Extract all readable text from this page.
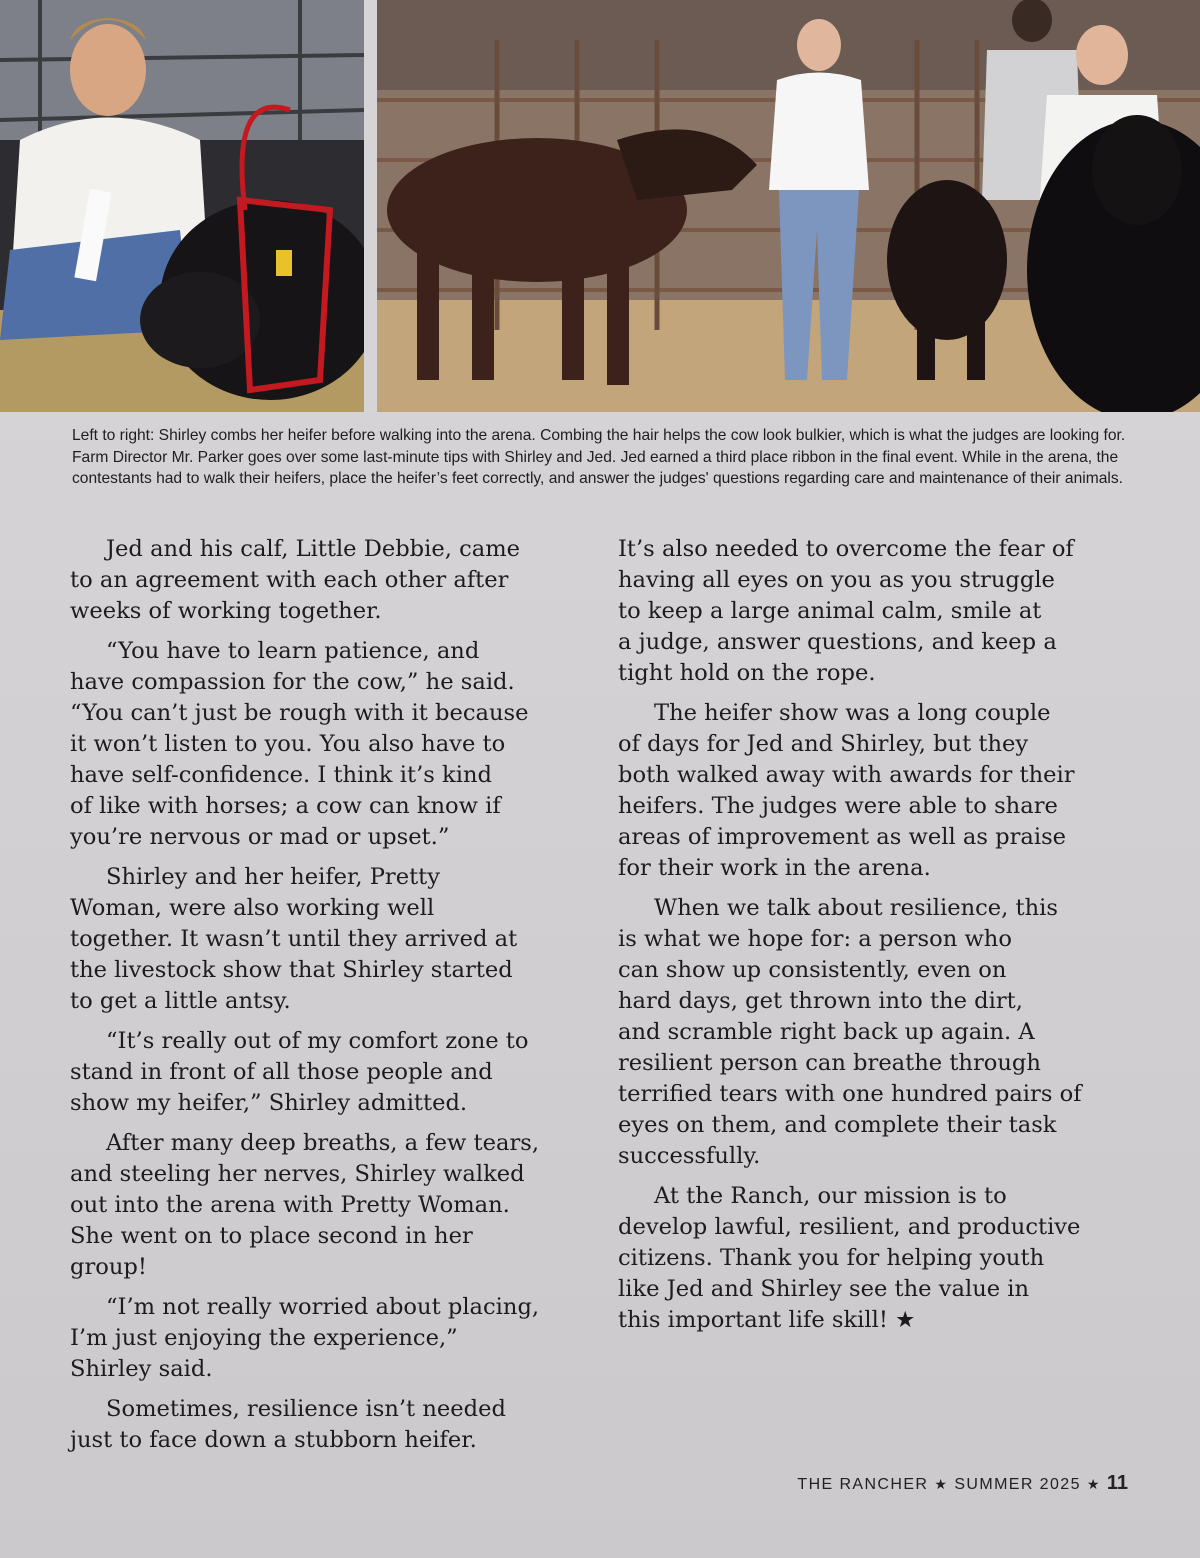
Left to right: Shirley combs her heifer before walking into the arena. Combing the hair helps the cow look bulkier, which is what the judges are looking for. Farm Director Mr. Parker goes over some last-minute tips with Shirley and Jed. Jed earned a third place ribbon in the final event. While in the arena, the contestants had to walk their heifers, place the heifer’s feet correctly, and answer the judges' questions regarding care and maintenance of their animals.

Jed and his calf, Little Debbie, came
to an agreement with each other after
weeks of working together.

“You have to learn patience, and
have compassion for the cow,” he said.
“You can’t just be rough with it because
it won’t listen to you. You also have to
have self-confidence. I think it’s kind
of like with horses; a cow can know if
you’re nervous or mad or upset.”

Shirley and her heifer, Pretty
Woman, were also working well
together. It wasn’t until they arrived at
the livestock show that Shirley started
to get a little antsy.

“It’s really out of my comfort zone to
stand in front of all those people and
show my heifer,” Shirley admitted.

After many deep breaths, a few tears,
and steeling her nerves, Shirley walked
out into the arena with Pretty Woman.
She went on to place second in her
group!

“I’m not really worried about placing,
I’m just enjoying the experience,”
Shirley said.

Sometimes, resilience isn’t needed
just to face down a stubborn heifer.

It’s also needed to overcome the fear of
having all eyes on you as you struggle
to keep a large animal calm, smile at
a judge, answer questions, and keep a
tight hold on the rope.

The heifer show was a long couple
of days for Jed and Shirley, but they
both walked away with awards for their
heifers. The judges were able to share
areas of improvement as well as praise
for their work in the arena.

When we talk about resilience, this
is what we hope for: a person who
can show up consistently, even on
hard days, get thrown into the dirt,
and scramble right back up again. A
resilient person can breathe through
terrified tears with one hundred pairs of
eyes on them, and complete their task
successfully.

At the Ranch, our mission is to
develop lawful, resilient, and productive
citizens. Thank you for helping youth
like Jed and Shirley see the value in
this important life skill! ★

THE RANCHER ★ SUMMER 2025 ★ 11
